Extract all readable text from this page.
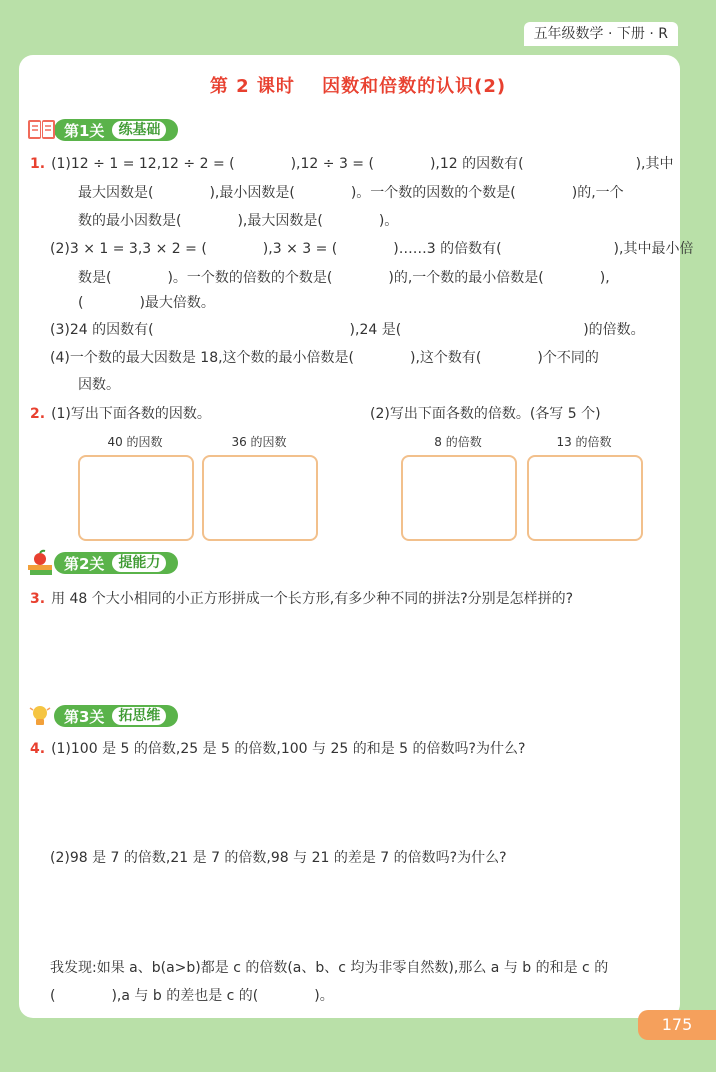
五年级数学 · 下册 · R
第 2 课时 因数和倍数的认识(2)
第1关	练基础
1. (1)12 ÷ 1 = 12,12 ÷ 2 = (　　　　),12 ÷ 3 = (　　　　),12 的因数有(　　　　　　　　),其中
最大因数是(　　　　),最小因数是(　　　　)。一个数的因数的个数是(　　　　)的,一个
数的最小因数是(　　　　),最大因数是(　　　　)。
(2)3 × 1 = 3,3 × 2 = (　　　　),3 × 3 = (　　　　)……3 的倍数有(　　　　　　　　),其中最小倍
数是(　　　　)。一个数的倍数的个数是(　　　　)的,一个数的最小倍数是(　　　　),
(　　　　)最大倍数。
(3)24 的因数有(　　　　　　　　　　　　　　),24 是(　　　　　　　　　　　　　)的倍数。
(4)一个数的最大因数是 18,这个数的最小倍数是(　　　　),这个数有(　　　　)个不同的
因数。
2. (1)写出下面各数的因数。	(2)写出下面各数的倍数。(各写 5 个)
40 的因数	36 的因数	8 的倍数	13 的倍数
第2关	提能力
3. 用 48 个大小相同的小正方形拼成一个长方形,有多少种不同的拼法?分别是怎样拼的?
第3关	拓思维
4. (1)100 是 5 的倍数,25 是 5 的倍数,100 与 25 的和是 5 的倍数吗?为什么?
(2)98 是 7 的倍数,21 是 7 的倍数,98 与 21 的差是 7 的倍数吗?为什么?
我发现:如果 a、b(a>b)都是 c 的倍数(a、b、c 均为非零自然数),那么 a 与 b 的和是 c 的
(　　　　),a 与 b 的差也是 c 的(　　　　)。
175
